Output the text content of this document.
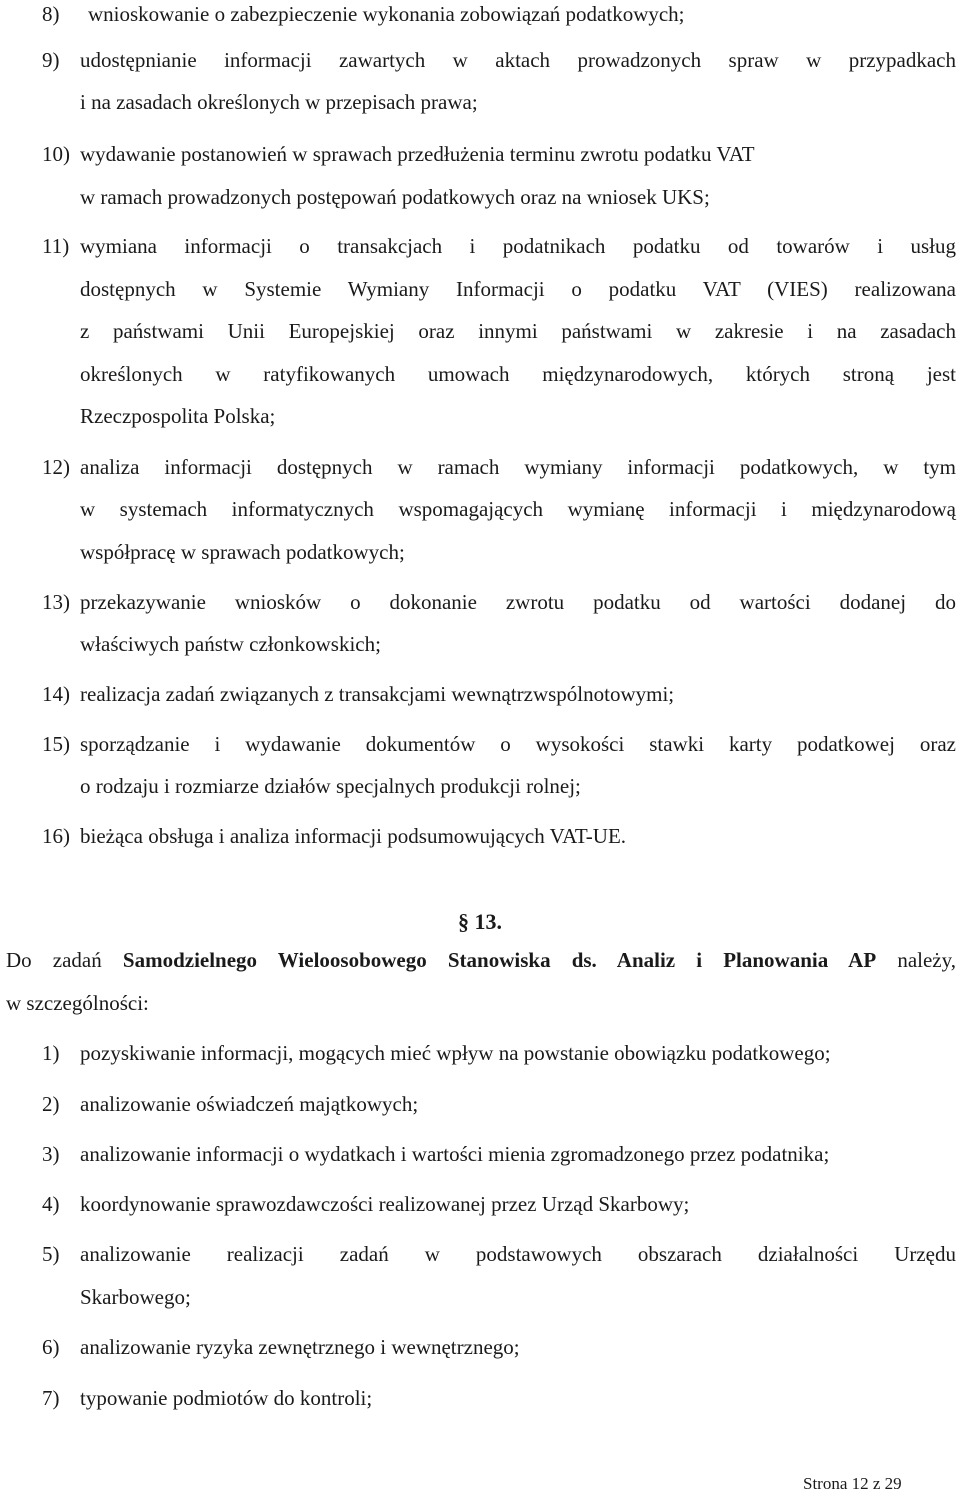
8) wnioskowanie o zabezpieczenie wykonania zobowiązań podatkowych;
9) udostępnianie informacji zawartych w aktach prowadzonych spraw w przypadkach
i na zasadach określonych w przepisach prawa;
10) wydawanie postanowień w sprawach przedłużenia terminu zwrotu podatku VAT
w ramach prowadzonych postępowań podatkowych oraz na wniosek UKS;
11) wymiana informacji o transakcjach i podatnikach podatku od towarów i usług
dostępnych w Systemie Wymiany Informacji o podatku VAT (VIES) realizowana
z państwami Unii Europejskiej oraz innymi państwami w zakresie i na zasadach
określonych w ratyfikowanych umowach międzynarodowych, których stroną jest
Rzeczpospolita Polska;
12) analiza informacji dostępnych w ramach wymiany informacji podatkowych, w tym
w systemach informatycznych wspomagających wymianę informacji i międzynarodową
współpracę w sprawach podatkowych;
13) przekazywanie wniosków o dokonanie zwrotu podatku od wartości dodanej do
właściwych państw członkowskich;
14) realizacja zadań związanych z transakcjami wewnątrzwspólnotowymi;
15) sporządzanie i wydawanie dokumentów o wysokości stawki karty podatkowej oraz
o rodzaju i rozmiarze działów specjalnych produkcji rolnej;
16) bieżąca obsługa i analiza informacji podsumowujących VAT-UE.
§ 13.
Do zadań Samodzielnego Wieloosobowego Stanowiska ds. Analiz i Planowania AP należy,
w szczególności:
1) pozyskiwanie informacji, mogących mieć wpływ na powstanie obowiązku podatkowego;
2) analizowanie oświadczeń majątkowych;
3) analizowanie informacji o wydatkach i wartości mienia zgromadzonego przez podatnika;
4) koordynowanie sprawozdawczości realizowanej przez Urząd Skarbowy;
5) analizowanie realizacji zadań w podstawowych obszarach działalności Urzędu
Skarbowego;
6) analizowanie ryzyka zewnętrznego i wewnętrznego;
7) typowanie podmiotów do kontroli;
Strona 12 z 29
